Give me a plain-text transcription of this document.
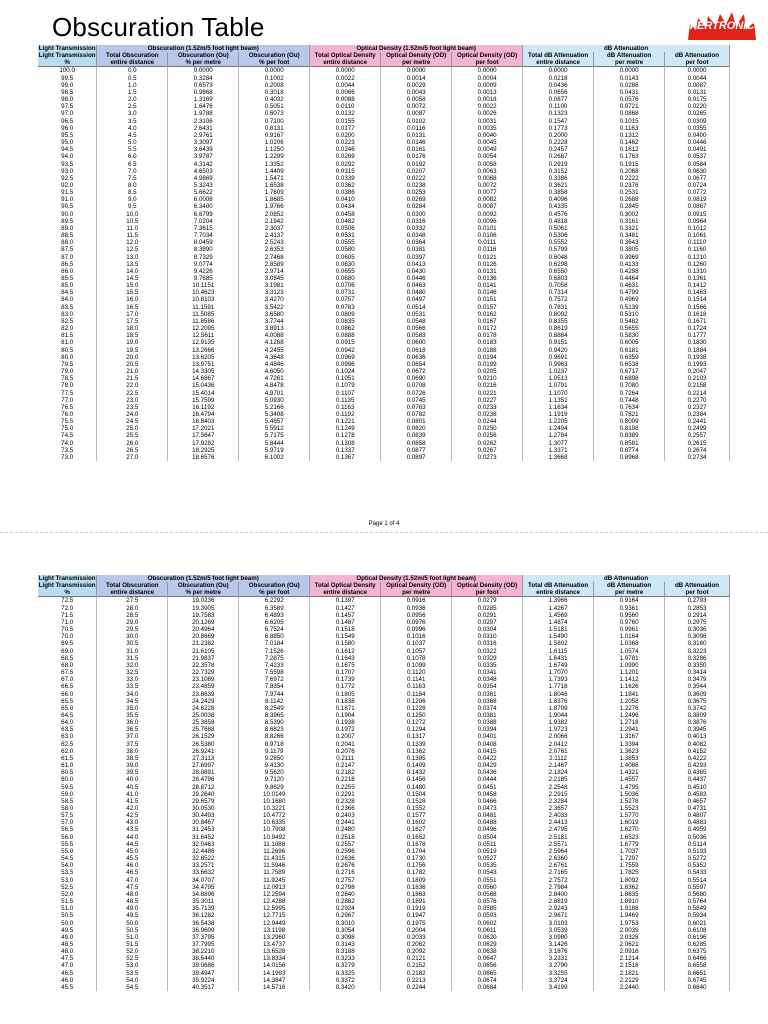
Obscuration Table	PERTRONIC
Light Transmission	Obscuration (1.52m/5 foot light beam)			Optical Density (1.52m/5 foot light beam)			dB Attenuation		
Light Transmission	Total Obscuration	Obscuration (Ou)	Obscuration (Ou)	Total Optical Density	Optical Density (OD)	Optical Density (OD)	Total dB Attenuation	dB Attenuation	dB Attenuation
%	entire distance	% per metre	% per foot	entire distance	per metre	per foot	entire distance	per metre	per foot
100.0	0.0	0.0000	0.0000	0.0000	0.0000	0.0000	0.0000	0.0000	0.0000
99.5	0.5	0.3284	0.1002	0.0022	0.0014	0.0004	0.0218	0.0143	0.0044
99.0	1.0	0.6573	0.2008	0.0044	0.0029	0.0009	0.0436	0.0286	0.0087
98.5	1.5	0.9868	0.3018	0.0066	0.0043	0.0013	0.0656	0.0431	0.0131
98.0	2.0	1.3169	0.4032	0.0088	0.0058	0.0018	0.0877	0.0576	0.0175
97.5	2.5	1.6476	0.5051	0.0110	0.0072	0.0022	0.1100	0.0721	0.0220
97.0	3.0	1.9788	0.6073	0.0132	0.0087	0.0026	0.1323	0.0868	0.0265
96.5	3.5	2.3106	0.7100	0.0155	0.0102	0.0031	0.1547	0.1015	0.0309
96.0	4.0	2.6431	0.8131	0.0177	0.0116	0.0035	0.1773	0.1163	0.0355
95.5	4.5	2.9761	0.9167	0.0200	0.0131	0.0040	0.2000	0.1312	0.0400
95.0	5.0	3.3097	1.0206	0.0223	0.0146	0.0045	0.2228	0.1462	0.0446
94.5	5.5	3.6439	1.1250	0.0246	0.0161	0.0049	0.2457	0.1612	0.0491
94.0	6.0	3.9787	1.2299	0.0269	0.0176	0.0054	0.2687	0.1763	0.0537
93.5	6.5	4.3142	1.3352	0.0292	0.0192	0.0058	0.2919	0.1915	0.0584
93.0	7.0	4.6503	1.4409	0.0315	0.0207	0.0063	0.3152	0.2068	0.0630
92.5	7.5	4.9869	1.5471	0.0339	0.0222	0.0068	0.3386	0.2222	0.0677
92.0	8.0	5.3243	1.6538	0.0362	0.0238	0.0072	0.3621	0.2376	0.0724
91.5	8.5	5.6622	1.7609	0.0386	0.0253	0.0077	0.3858	0.2531	0.0772
91.0	9.0	6.0008	1.8685	0.0410	0.0269	0.0082	0.4096	0.2688	0.0819
90.5	9.5	6.3400	1.9766	0.0434	0.0284	0.0087	0.4335	0.2845	0.0867
90.0	10.0	6.6799	2.0852	0.0458	0.0300	0.0092	0.4576	0.3002	0.0915
89.5	10.5	7.0204	2.1942	0.0482	0.0316	0.0096	0.4818	0.3161	0.0964
89.0	11.0	7.3615	2.3037	0.0506	0.0332	0.0101	0.5061	0.3321	0.1012
88.5	11.5	7.7034	2.4137	0.0531	0.0348	0.0106	0.5306	0.3481	0.1061
88.0	12.0	8.0459	2.5243	0.0555	0.0364	0.0111	0.5552	0.3643	0.1110
87.5	12.5	8.3890	2.6353	0.0580	0.0381	0.0116	0.5799	0.3805	0.1160
87.0	13.0	8.7329	2.7468	0.0605	0.0397	0.0121	0.6048	0.3969	0.1210
86.5	13.5	9.0774	2.8589	0.0630	0.0413	0.0126	0.6298	0.4133	0.1260
86.0	14.0	9.4226	2.9714	0.0655	0.0430	0.0131	0.6550	0.4298	0.1310
85.5	14.5	9.7685	3.0845	0.0680	0.0446	0.0136	0.6803	0.4464	0.1361
85.0	15.0	10.1151	3.1981	0.0706	0.0463	0.0141	0.7058	0.4631	0.1412
84.5	15.5	10.4623	3.3123	0.0731	0.0480	0.0146	0.7314	0.4799	0.1463
84.0	16.0	10.8103	3.4270	0.0757	0.0497	0.0151	0.7572	0.4969	0.1514
83.5	16.5	11.1591	3.5422	0.0783	0.0514	0.0157	0.7831	0.5139	0.1566
83.0	17.0	11.5085	3.6580	0.0809	0.0531	0.0162	0.8092	0.5310	0.1618
82.5	17.5	11.8586	3.7744	0.0835	0.0548	0.0167	0.8355	0.5482	0.1671
82.0	18.0	12.2095	3.8913	0.0862	0.0566	0.0172	0.8619	0.5655	0.1724
81.5	18.5	12.5611	4.0088	0.0888	0.0583	0.0178	0.8884	0.5830	0.1777
81.0	19.0	12.9135	4.1268	0.0915	0.0600	0.0183	0.9151	0.6005	0.1830
80.5	19.5	13.2666	4.2455	0.0942	0.0618	0.0188	0.9420	0.6181	0.1884
80.0	20.0	13.6205	4.3648	0.0969	0.0636	0.0194	0.9691	0.6359	0.1938
79.5	20.5	13.9751	4.4846	0.0996	0.0654	0.0199	0.9963	0.6538	0.1993
79.0	21.0	14.3305	4.6050	0.1024	0.0672	0.0205	1.0237	0.6717	0.2047
78.5	21.5	14.6867	4.7261	0.1051	0.0690	0.0210	1.0513	0.6898	0.2103
78.0	22.0	15.0436	4.8478	0.1079	0.0708	0.0216	1.0791	0.7080	0.2158
77.5	22.5	15.4014	4.9701	0.1107	0.0726	0.0221	1.1070	0.7264	0.2214
77.0	23.0	15.7599	5.0930	0.1135	0.0745	0.0227	1.1351	0.7448	0.2270
76.5	23.5	16.1192	5.2166	0.1163	0.0763	0.0233	1.1634	0.7634	0.2327
76.0	24.0	16.4794	5.3408	0.1192	0.0782	0.0238	1.1919	0.7821	0.2384
75.5	24.5	16.8403	5.4657	0.1221	0.0801	0.0244	1.2205	0.8009	0.2441
75.0	25.0	17.2021	5.5912	0.1249	0.0820	0.0250	1.2494	0.8198	0.2499
74.5	25.5	17.5647	5.7175	0.1278	0.0839	0.0256	1.2784	0.8389	0.2557
74.0	26.0	17.9282	5.8444	0.1308	0.0858	0.0262	1.3077	0.8581	0.2615
73.5	26.5	18.2925	5.9719	0.1337	0.0877	0.0267	1.3371	0.8774	0.2674
73.0	27.0	18.6576	6.1002	0.1367	0.0897	0.0273	1.3668	0.8968	0.2734
Page 1 of 4
Light Transmission	Obscuration (1.52m/5 foot light beam)			Optical Density (1.52m/5 foot light beam)			dB Attenuation		
Light Transmission	Total Obscuration	Obscuration (Ou)	Obscuration (Ou)	Total Optical Density	Optical Density (OD)	Optical Density (OD)	Total dB Attenuation	dB Attenuation	dB Attenuation
%	entire distance	% per metre	% per foot	entire distance	per metre	per foot	entire distance	per metre	per foot
72.5	27.5	19.0236	6.2292	0.1397	0.0916	0.0279	1.3966	0.9164	0.2793
72.0	28.0	19.3905	6.3589	0.1427	0.0936	0.0285	1.4267	0.9361	0.2853
71.5	28.5	19.7583	6.4893	0.1457	0.0956	0.0291	1.4569	0.9560	0.2914
71.0	29.0	20.1269	6.6205	0.1487	0.0976	0.0297	1.4874	0.9760	0.2975
70.5	29.5	20.4964	6.7524	0.1518	0.0996	0.0304	1.5181	0.9961	0.3036
70.0	30.0	20.8669	6.8850	0.1549	0.1016	0.0310	1.5490	1.0164	0.3098
69.5	30.5	21.2382	7.0184	0.1580	0.1037	0.0316	1.5802	1.0368	0.3160
69.0	31.0	21.6105	7.1526	0.1612	0.1057	0.0322	1.6115	1.0574	0.3223
68.5	31.5	21.9837	7.2875	0.1643	0.1078	0.0329	1.6431	1.0781	0.3286
68.0	32.0	22.3578	7.4233	0.1675	0.1099	0.0335	1.6749	1.0990	0.3350
67.5	32.5	22.7329	7.5598	0.1707	0.1120	0.0341	1.7070	1.1201	0.3414
67.0	33.0	23.1089	7.6972	0.1739	0.1141	0.0348	1.7393	1.1412	0.3479
66.5	33.5	23.4859	7.8354	0.1772	0.1163	0.0354	1.7718	1.1626	0.3544
66.0	34.0	23.8639	7.9744	0.1805	0.1184	0.0361	1.8046	1.1841	0.3609
65.5	34.5	24.2429	8.1142	0.1838	0.1206	0.0368	1.8376	1.2058	0.3675
65.0	35.0	24.6228	8.2549	0.1871	0.1228	0.0374	1.8709	1.2276	0.3742
64.5	35.5	25.0038	8.3965	0.1904	0.1250	0.0381	1.9044	1.2496	0.3809
64.0	36.0	25.3858	8.5390	0.1938	0.1272	0.0388	1.9382	1.2718	0.3876
63.5	36.5	25.7688	8.6823	0.1972	0.1294	0.0394	1.9723	1.2941	0.3945
63.0	37.0	26.1529	8.8266	0.2007	0.1317	0.0401	2.0066	1.3167	0.4013
62.5	37.5	26.5380	8.9718	0.2041	0.1339	0.0408	2.0412	1.3394	0.4082
62.0	38.0	26.9241	9.1179	0.2076	0.1362	0.0415	2.0761	1.3623	0.4152
61.5	38.5	27.3113	9.2650	0.2111	0.1385	0.0422	2.1112	1.3853	0.4222
61.0	39.0	27.6997	9.4130	0.2147	0.1409	0.0429	2.1467	1.4086	0.4293
60.5	39.5	28.0891	9.5620	0.2182	0.1432	0.0436	2.1824	1.4321	0.4365
60.0	40.0	28.4796	9.7120	0.2218	0.1456	0.0444	2.2185	1.4557	0.4437
59.5	40.5	28.8712	9.8629	0.2255	0.1480	0.0451	2.2548	1.4795	0.4510
59.0	41.0	29.2640	10.0149	0.2291	0.1504	0.0458	2.2915	1.5036	0.4583
58.5	41.5	29.6579	10.1680	0.2328	0.1528	0.0466	2.3284	1.5278	0.4657
58.0	42.0	30.0530	10.3221	0.2366	0.1552	0.0473	2.3657	1.5523	0.4731
57.5	42.5	30.4493	10.4772	0.2403	0.1577	0.0481	2.4033	1.5770	0.4807
57.0	43.0	30.8467	10.6335	0.2441	0.1602	0.0488	2.4413	1.6019	0.4883
56.5	43.5	31.2453	10.7908	0.2480	0.1627	0.0496	2.4795	1.6270	0.4959
56.0	44.0	31.6452	10.9492	0.2518	0.1652	0.0504	2.5181	1.6523	0.5036
55.5	44.5	32.0463	11.1088	0.2557	0.1678	0.0511	2.5571	1.6779	0.5114
55.0	45.0	32.4486	11.2696	0.2596	0.1704	0.0519	2.5964	1.7037	0.5193
54.5	45.5	32.8522	11.4315	0.2636	0.1730	0.0527	2.6360	1.7297	0.5272
54.0	46.0	33.2571	11.5946	0.2676	0.1756	0.0535	2.6761	1.7559	0.5352
53.5	46.5	33.6632	11.7589	0.2716	0.1782	0.0543	2.7165	1.7825	0.5433
53.0	47.0	34.0707	11.9245	0.2757	0.1809	0.0551	2.7572	1.8092	0.5514
52.5	47.5	34.4795	12.0913	0.2798	0.1836	0.0560	2.7984	1.8362	0.5597
52.0	48.0	34.8896	12.2594	0.2840	0.1863	0.0568	2.8400	1.8635	0.5680
51.5	48.5	35.3011	12.4288	0.2882	0.1891	0.0576	2.8819	1.8910	0.5764
51.0	49.0	35.7139	12.5995	0.2924	0.1919	0.0585	2.9243	1.9188	0.5849
50.5	49.5	36.1282	12.7715	0.2967	0.1947	0.0593	2.9671	1.9469	0.5934
50.0	50.0	36.5438	12.9449	0.3010	0.1975	0.0602	3.0103	1.9753	0.6021
49.5	50.5	36.9609	13.1198	0.3054	0.2004	0.0611	3.0539	2.0039	0.6108
49.0	51.0	37.3795	13.2960	0.3098	0.2033	0.0620	3.0980	2.0328	0.6196
48.5	51.5	37.7995	13.4737	0.3143	0.2062	0.0629	3.1426	2.0621	0.6285
48.0	52.0	38.2210	13.6528	0.3188	0.2092	0.0638	3.1876	2.0916	0.6375
47.5	52.5	38.6440	13.8334	0.3233	0.2121	0.0647	3.2331	2.1214	0.6466
47.0	53.0	39.0686	14.0156	0.3279	0.2152	0.0656	3.2790	2.1516	0.6558
46.5	53.5	39.4947	14.1993	0.3325	0.2182	0.0665	3.3255	2.1821	0.6651
46.0	54.0	39.9224	14.3847	0.3372	0.2213	0.0674	3.3724	2.2129	0.6745
45.5	54.5	40.3517	14.5716	0.3420	0.2244	0.0684	3.4199	2.2440	0.6840
